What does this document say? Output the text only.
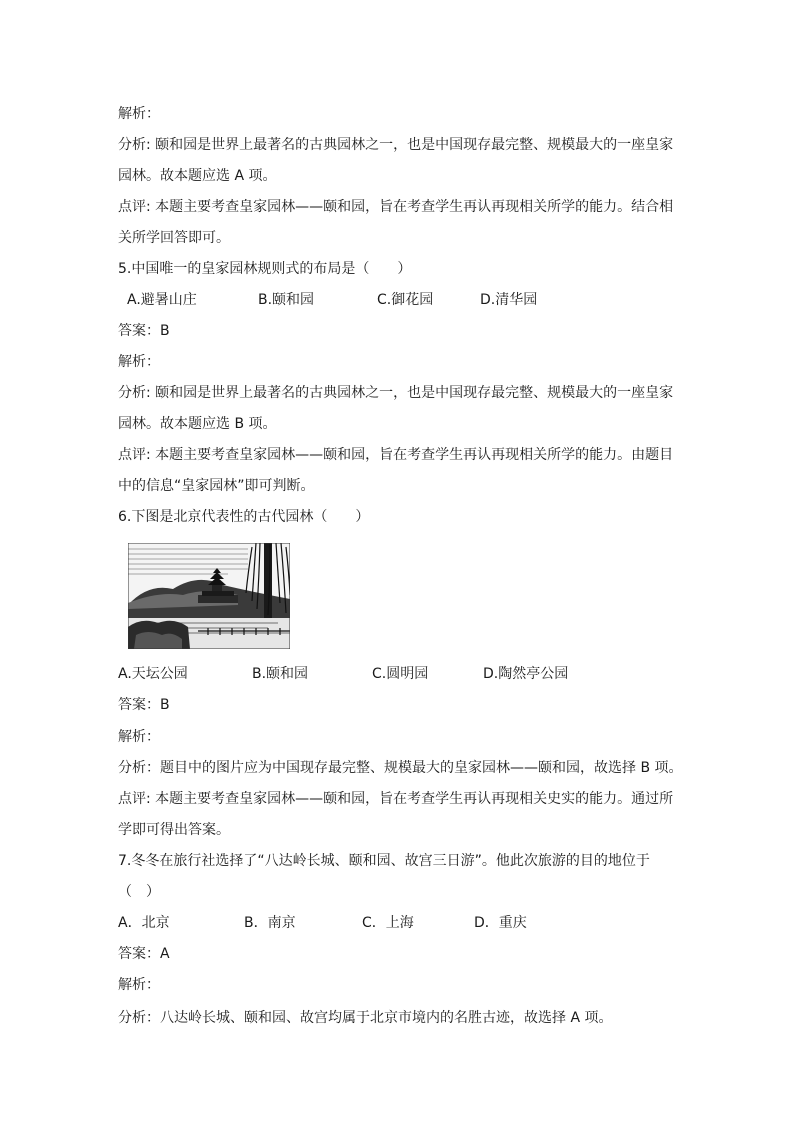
解析：
分析: 颐和园是世界上最著名的古典园林之一，也是中国现存最完整、规模最大的一座皇家
园林。故本题应选 A 项。
点评: 本题主要考查皇家园林——颐和园，旨在考查学生再认再现相关所学的能力。结合相
关所学回答即可。
5.中国唯一的皇家园林规则式的布局是（　　）
A.避暑山庄	B.颐和园	C.御花园	D.清华园
答案：B
解析：
分析: 颐和园是世界上最著名的古典园林之一，也是中国现存最完整、规模最大的一座皇家
园林。故本题应选 B 项。
点评: 本题主要考查皇家园林——颐和园，旨在考查学生再认再现相关所学的能力。由题目
中的信息“皇家园林”即可判断。
6.下图是北京代表性的古代园林（　　）
A.天坛公园	B.颐和园	C.圆明园	D.陶然亭公园
答案：B
解析：
分析：题目中的图片应为中国现存最完整、规模最大的皇家园林——颐和园，故选择 B 项。
点评: 本题主要考查皇家园林——颐和园，旨在考查学生再认再现相关史实的能力。通过所
学即可得出答案。
7.冬冬在旅行社选择了“八达岭长城、颐和园、故宫三日游”。他此次旅游的目的地位于
（　）
A．北京	B．南京	C．上海	D．重庆
答案：A
解析：
分析：八达岭长城、颐和园、故宫均属于北京市境内的名胜古迹，故选择 A 项。
